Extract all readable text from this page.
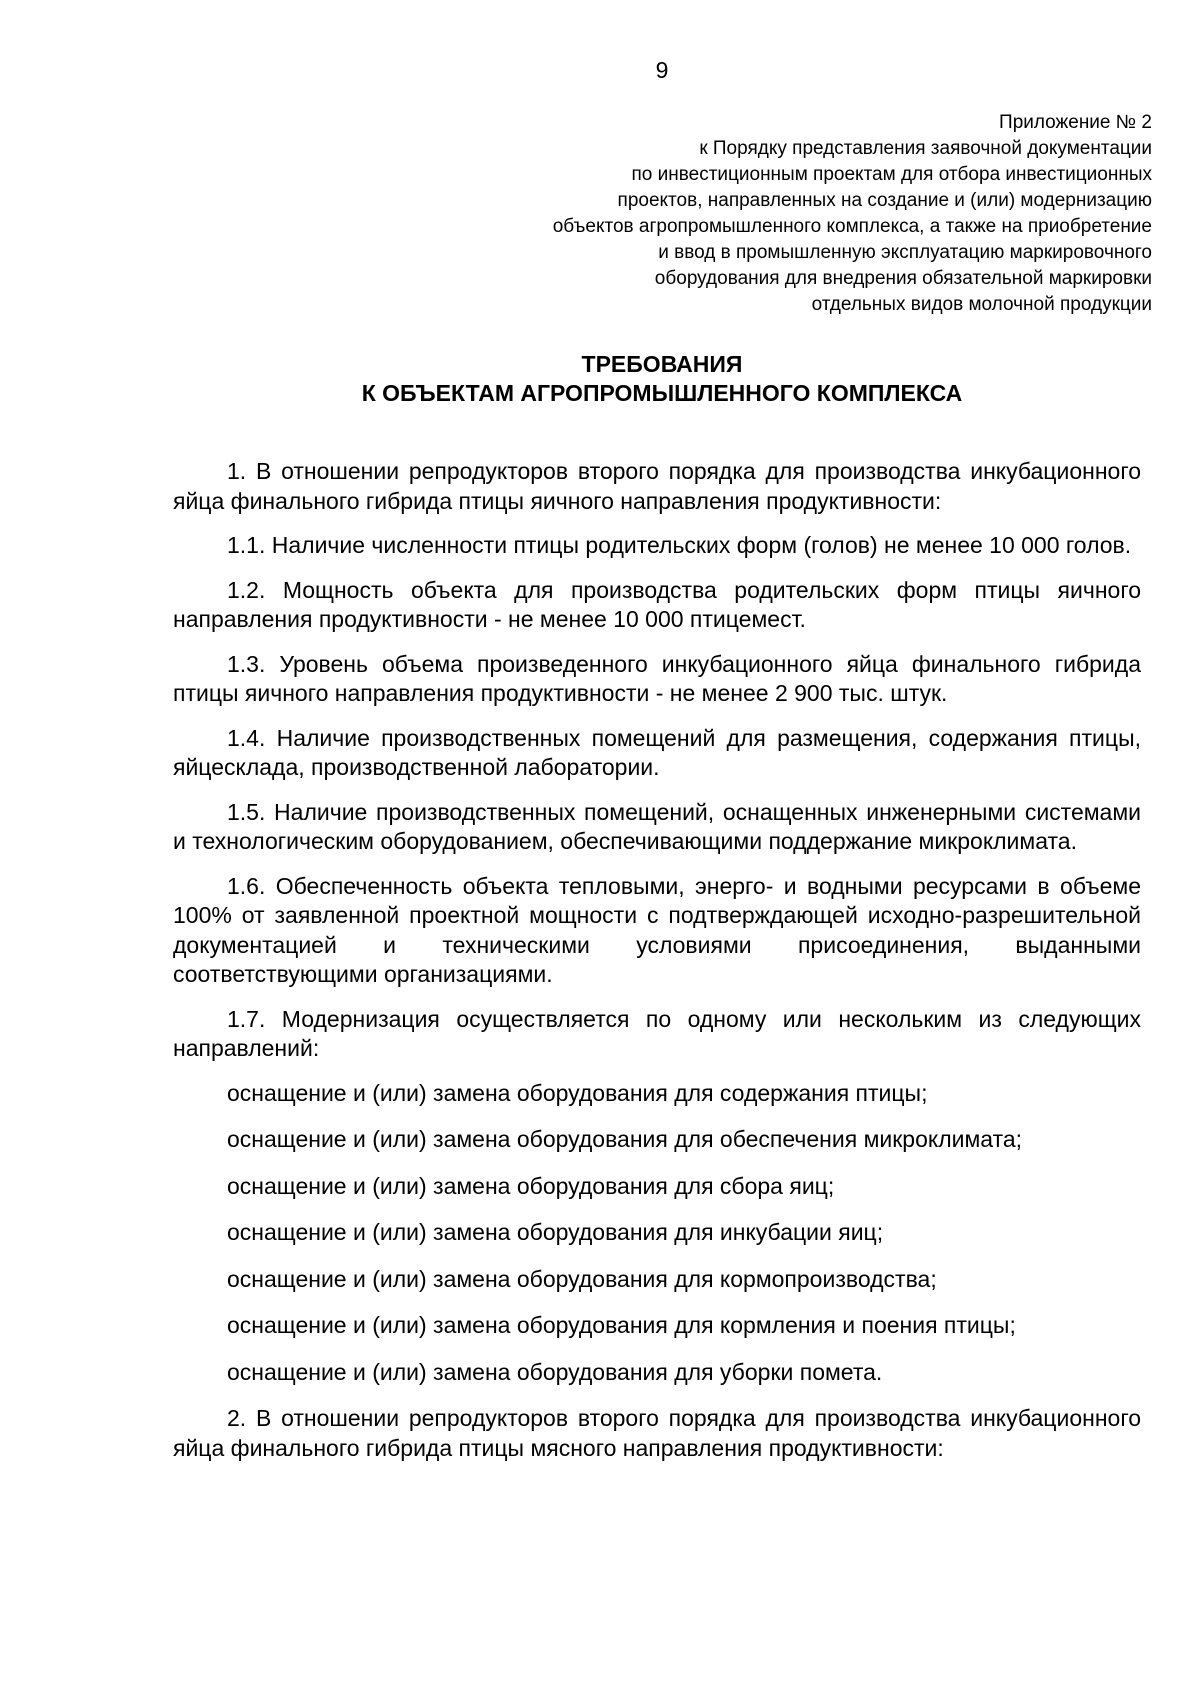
9
Приложение № 2
к Порядку представления заявочной документации
по инвестиционным проектам для отбора инвестиционных
проектов, направленных на создание и (или) модернизацию
объектов агропромышленного комплекса, а также на приобретение
и ввод в промышленную эксплуатацию маркировочного
оборудования для внедрения обязательной маркировки
отдельных видов молочной продукции
ТРЕБОВАНИЯ
К ОБЪЕКТАМ АГРОПРОМЫШЛЕННОГО КОМПЛЕКСА

1. В отношении репродукторов второго порядка для производства инкубационного яйца финального гибрида птицы яичного направления продуктивности:

1.1. Наличие численности птицы родительских форм (голов) не менее 10 000 голов.

1.2. Мощность объекта для производства родительских форм птицы яичного направления продуктивности - не менее 10 000 птицемест.

1.3. Уровень объема произведенного инкубационного яйца финального гибрида птицы яичного направления продуктивности - не менее 2 900 тыс. штук.

1.4. Наличие производственных помещений для размещения, содержания птицы, яйцесклада, производственной лаборатории.

1.5. Наличие производственных помещений, оснащенных инженерными системами и технологическим оборудованием, обеспечивающими поддержание микроклимата.

1.6. Обеспеченность объекта тепловыми, энерго- и водными ресурсами в объеме 100% от заявленной проектной мощности с подтверждающей исходно-разрешительной документацией и техническими условиями присоединения, выданными соответствующими организациями.

1.7. Модернизация осуществляется по одному или нескольким из следующих направлений:

оснащение и (или) замена оборудования для содержания птицы;
оснащение и (или) замена оборудования для обеспечения микроклимата;
оснащение и (или) замена оборудования для сбора яиц;
оснащение и (или) замена оборудования для инкубации яиц;
оснащение и (или) замена оборудования для кормопроизводства;
оснащение и (или) замена оборудования для кормления и поения птицы;
оснащение и (или) замена оборудования для уборки помета.

2. В отношении репродукторов второго порядка для производства инкубационного яйца финального гибрида птицы мясного направления продуктивности:
